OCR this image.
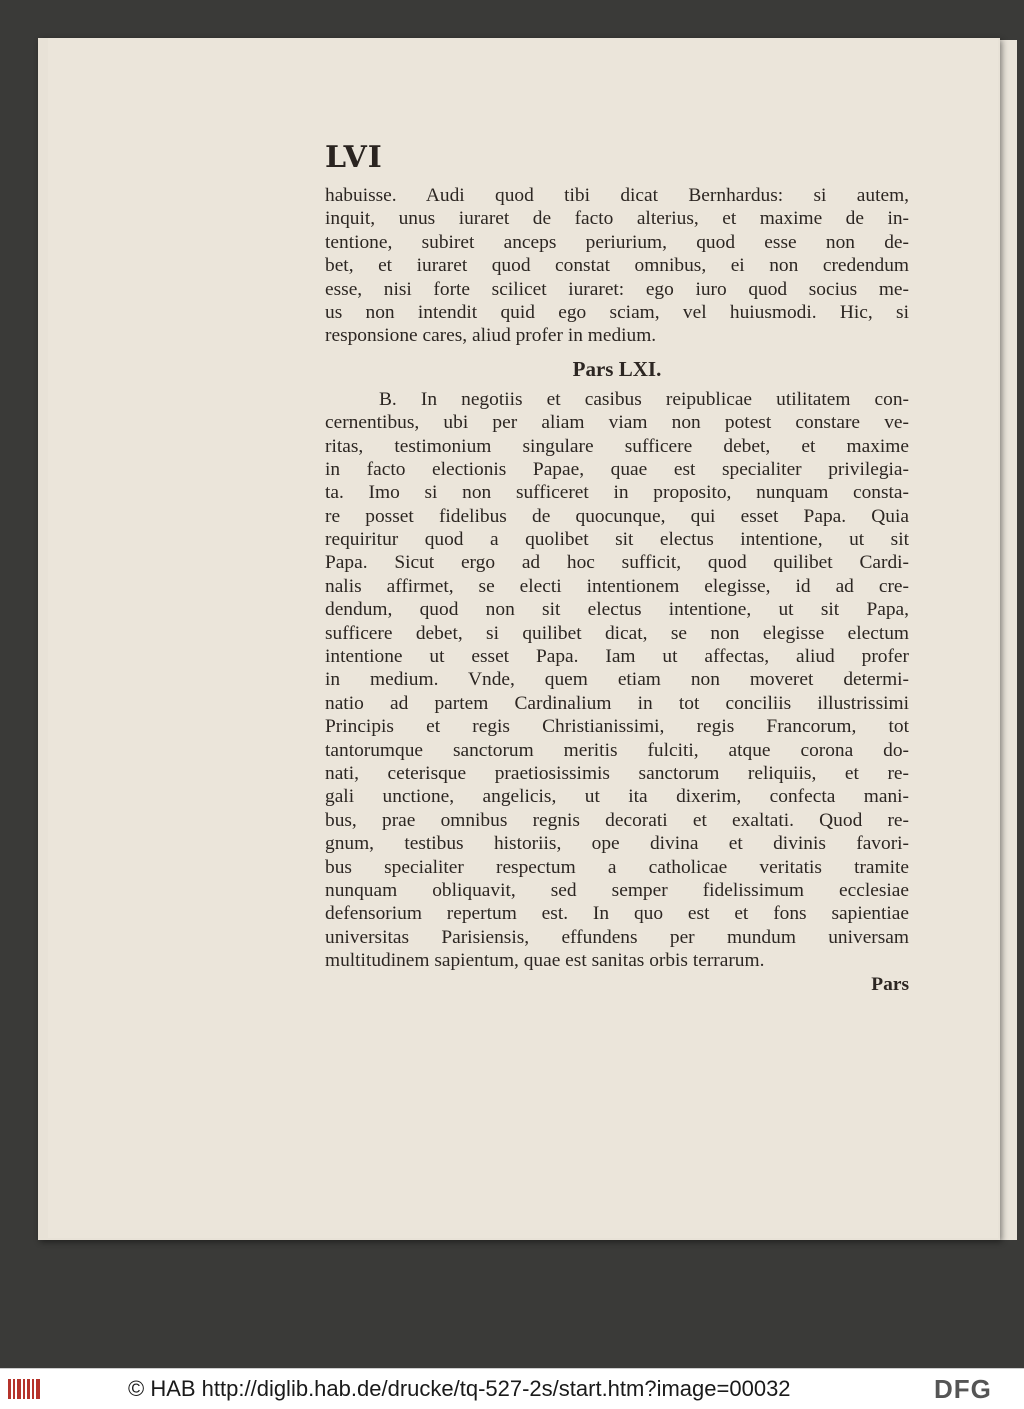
LVI
habuisse. Audi quod tibi dicat Bernhardus: si autem,
inquit, unus iuraret de facto alterius, et maxime de in-
tentione, subiret anceps periurium, quod esse non de-
bet, et iuraret quod constat omnibus, ei non credendum
esse, nisi forte scilicet iuraret: ego iuro quod socius me-
us non intendit quid ego sciam, vel huiusmodi. Hic, si
responsione cares, aliud profer in medium.
Pars LXI.
B. In negotiis et casibus reipublicae utilitatem con-
cernentibus, ubi per aliam viam non potest constare ve-
ritas, testimonium singulare sufficere debet, et maxime
in facto electionis Papae, quae est specialiter privilegia-
ta. Imo si non sufficeret in proposito, nunquam consta-
re posset fidelibus de quocunque, qui esset Papa. Quia
requiritur quod a quolibet sit electus intentione, ut sit
Papa. Sicut ergo ad hoc sufficit, quod quilibet Cardi-
nalis affirmet, se electi intentionem elegisse, id ad cre-
dendum, quod non sit electus intentione, ut sit Papa,
sufficere debet, si quilibet dicat, se non elegisse electum
intentione ut esset Papa. Iam ut affectas, aliud profer
in medium. Vnde, quem etiam non moveret determi-
natio ad partem Cardinalium in tot conciliis illustrissimi
Principis et regis Christianissimi, regis Francorum, tot
tantorumque sanctorum meritis fulciti, atque corona do-
nati, ceterisque praetiosissimis sanctorum reliquiis, et re-
gali unctione, angelicis, ut ita dixerim, confecta mani-
bus, prae omnibus regnis decorati et exaltati. Quod re-
gnum, testibus historiis, ope divina et divinis favori-
bus specialiter respectum a catholicae veritatis tramite
nunquam obliquavit, sed semper fidelissimum ecclesiae
defensorium repertum est. In quo est et fons sapientiae
universitas Parisiensis, effundens per mundum universam
multitudinem sapientum, quae est sanitas orbis terrarum.
Pars
© HAB http://diglib.hab.de/drucke/tq-527-2s/start.htm?image=00032	DFG
